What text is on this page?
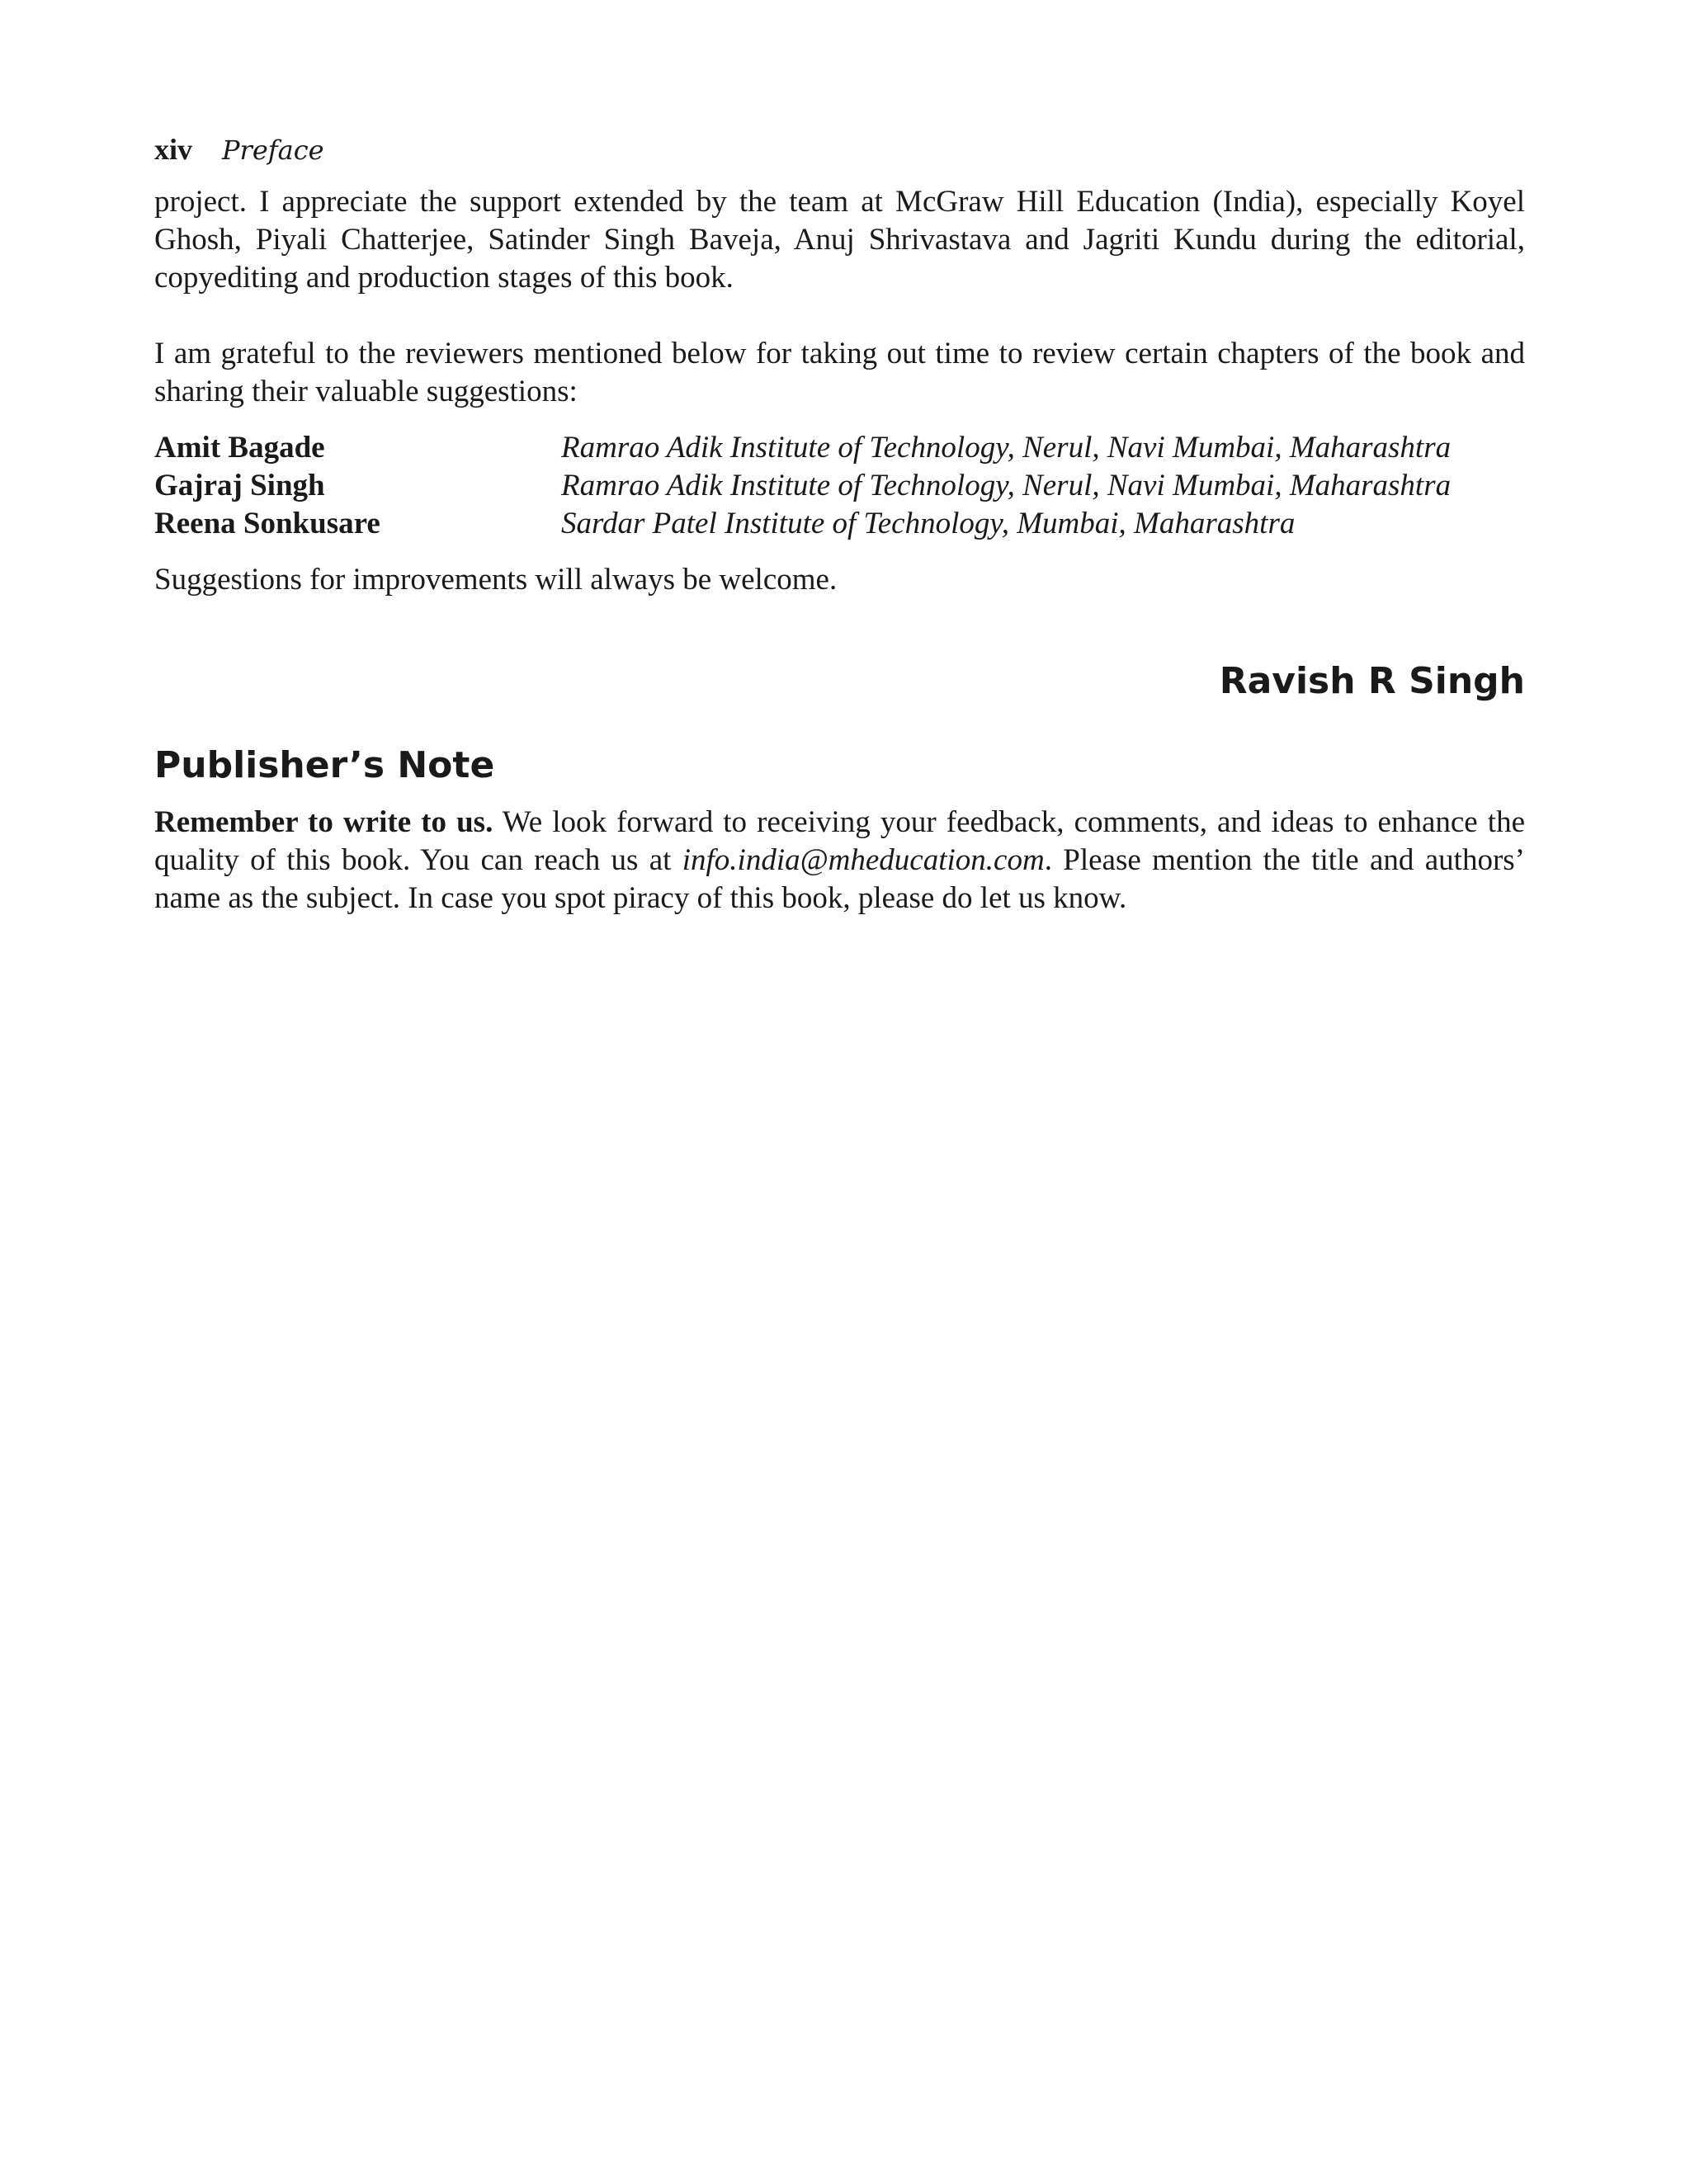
xiv Preface

project. I appreciate the support extended by the team at McGraw Hill Education (India), especially Koyel Ghosh, Piyali Chatterjee, Satinder Singh Baveja, Anuj Shrivastava and Jagriti Kundu during the editorial, copyediting and production stages of this book.

I am grateful to the reviewers mentioned below for taking out time to review certain chapters of the book and sharing their valuable suggestions:

Amit Bagade	Ramrao Adik Institute of Technology, Nerul, Navi Mumbai, Maharashtra
Gajraj Singh	Ramrao Adik Institute of Technology, Nerul, Navi Mumbai, Maharashtra
Reena Sonkusare	Sardar Patel Institute of Technology, Mumbai, Maharashtra

Suggestions for improvements will always be welcome.

Ravish R Singh
Publisher’s Note

Remember to write to us. We look forward to receiving your feedback, comments, and ideas to enhance the quality of this book. You can reach us at info.india@mheducation.com. Please mention the title and authors’ name as the subject. In case you spot piracy of this book, please do let us know.
